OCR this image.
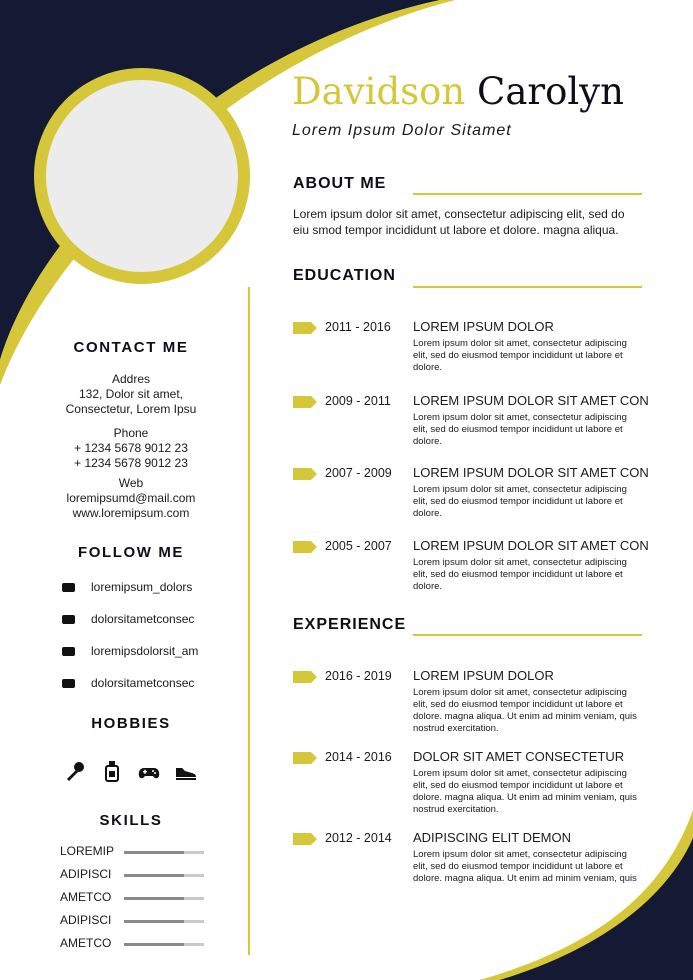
Davidson Carolyn
Lorem Ipsum Dolor Sitamet
ABOUT ME
Lorem ipsum dolor sit amet, consectetur adipiscing elit, sed do eiu smod tempor incididunt ut labore et dolore. magna aliqua.
EDUCATION
2011 - 2016 LOREM IPSUM DOLOR
Lorem ipsum dolor sit amet, consectetur adipiscing elit, sed do eiusmod tempor incididunt ut labore et dolore.
2009 - 2011 LOREM IPSUM DOLOR SIT AMET CON
Lorem ipsum dolor sit amet, consectetur adipiscing elit, sed do eiusmod tempor incididunt ut labore et dolore.
2007 - 2009 LOREM IPSUM DOLOR SIT AMET CON
Lorem ipsum dolor sit amet, consectetur adipiscing elit, sed do eiusmod tempor incididunt ut labore et dolore.
2005 - 2007 LOREM IPSUM DOLOR SIT AMET CON
Lorem ipsum dolor sit amet, consectetur adipiscing elit, sed do eiusmod tempor incididunt ut labore et dolore.
EXPERIENCE
2016 - 2019 LOREM IPSUM DOLOR
Lorem ipsum dolor sit amet, consectetur adipiscing elit, sed do eiusmod tempor incididunt ut labore et dolore. magna aliqua. Ut enim ad minim veniam, quis nostrud exercitation.
2014 - 2016 DOLOR SIT AMET CONSECTETUR
Lorem ipsum dolor sit amet, consectetur adipiscing elit, sed do eiusmod tempor incididunt ut labore et dolore. magna aliqua. Ut enim ad minim veniam, quis nostrud exercitation.
2012 - 2014 ADIPISCING ELIT DEMON
Lorem ipsum dolor sit amet, consectetur adipiscing elit, sed do eiusmod tempor incididunt ut labore et dolore. magna aliqua. Ut enim ad minim veniam, quis
CONTACT ME
Addres
132, Dolor sit amet,
Consectetur, Lorem Ipsu
Phone
+ 1234 5678 9012 23
+ 1234 5678 9012 23
Web
loremipsumd@mail.com
www.loremipsum.com
FOLLOW ME
loremipsum_dolors
dolorsitametconsec
loremipsdolorsit_am
dolorsitametconsec
HOBBIES
SKILLS
LOREMIP
ADIPISCI
AMETCO
ADIPISCI
AMETCO
